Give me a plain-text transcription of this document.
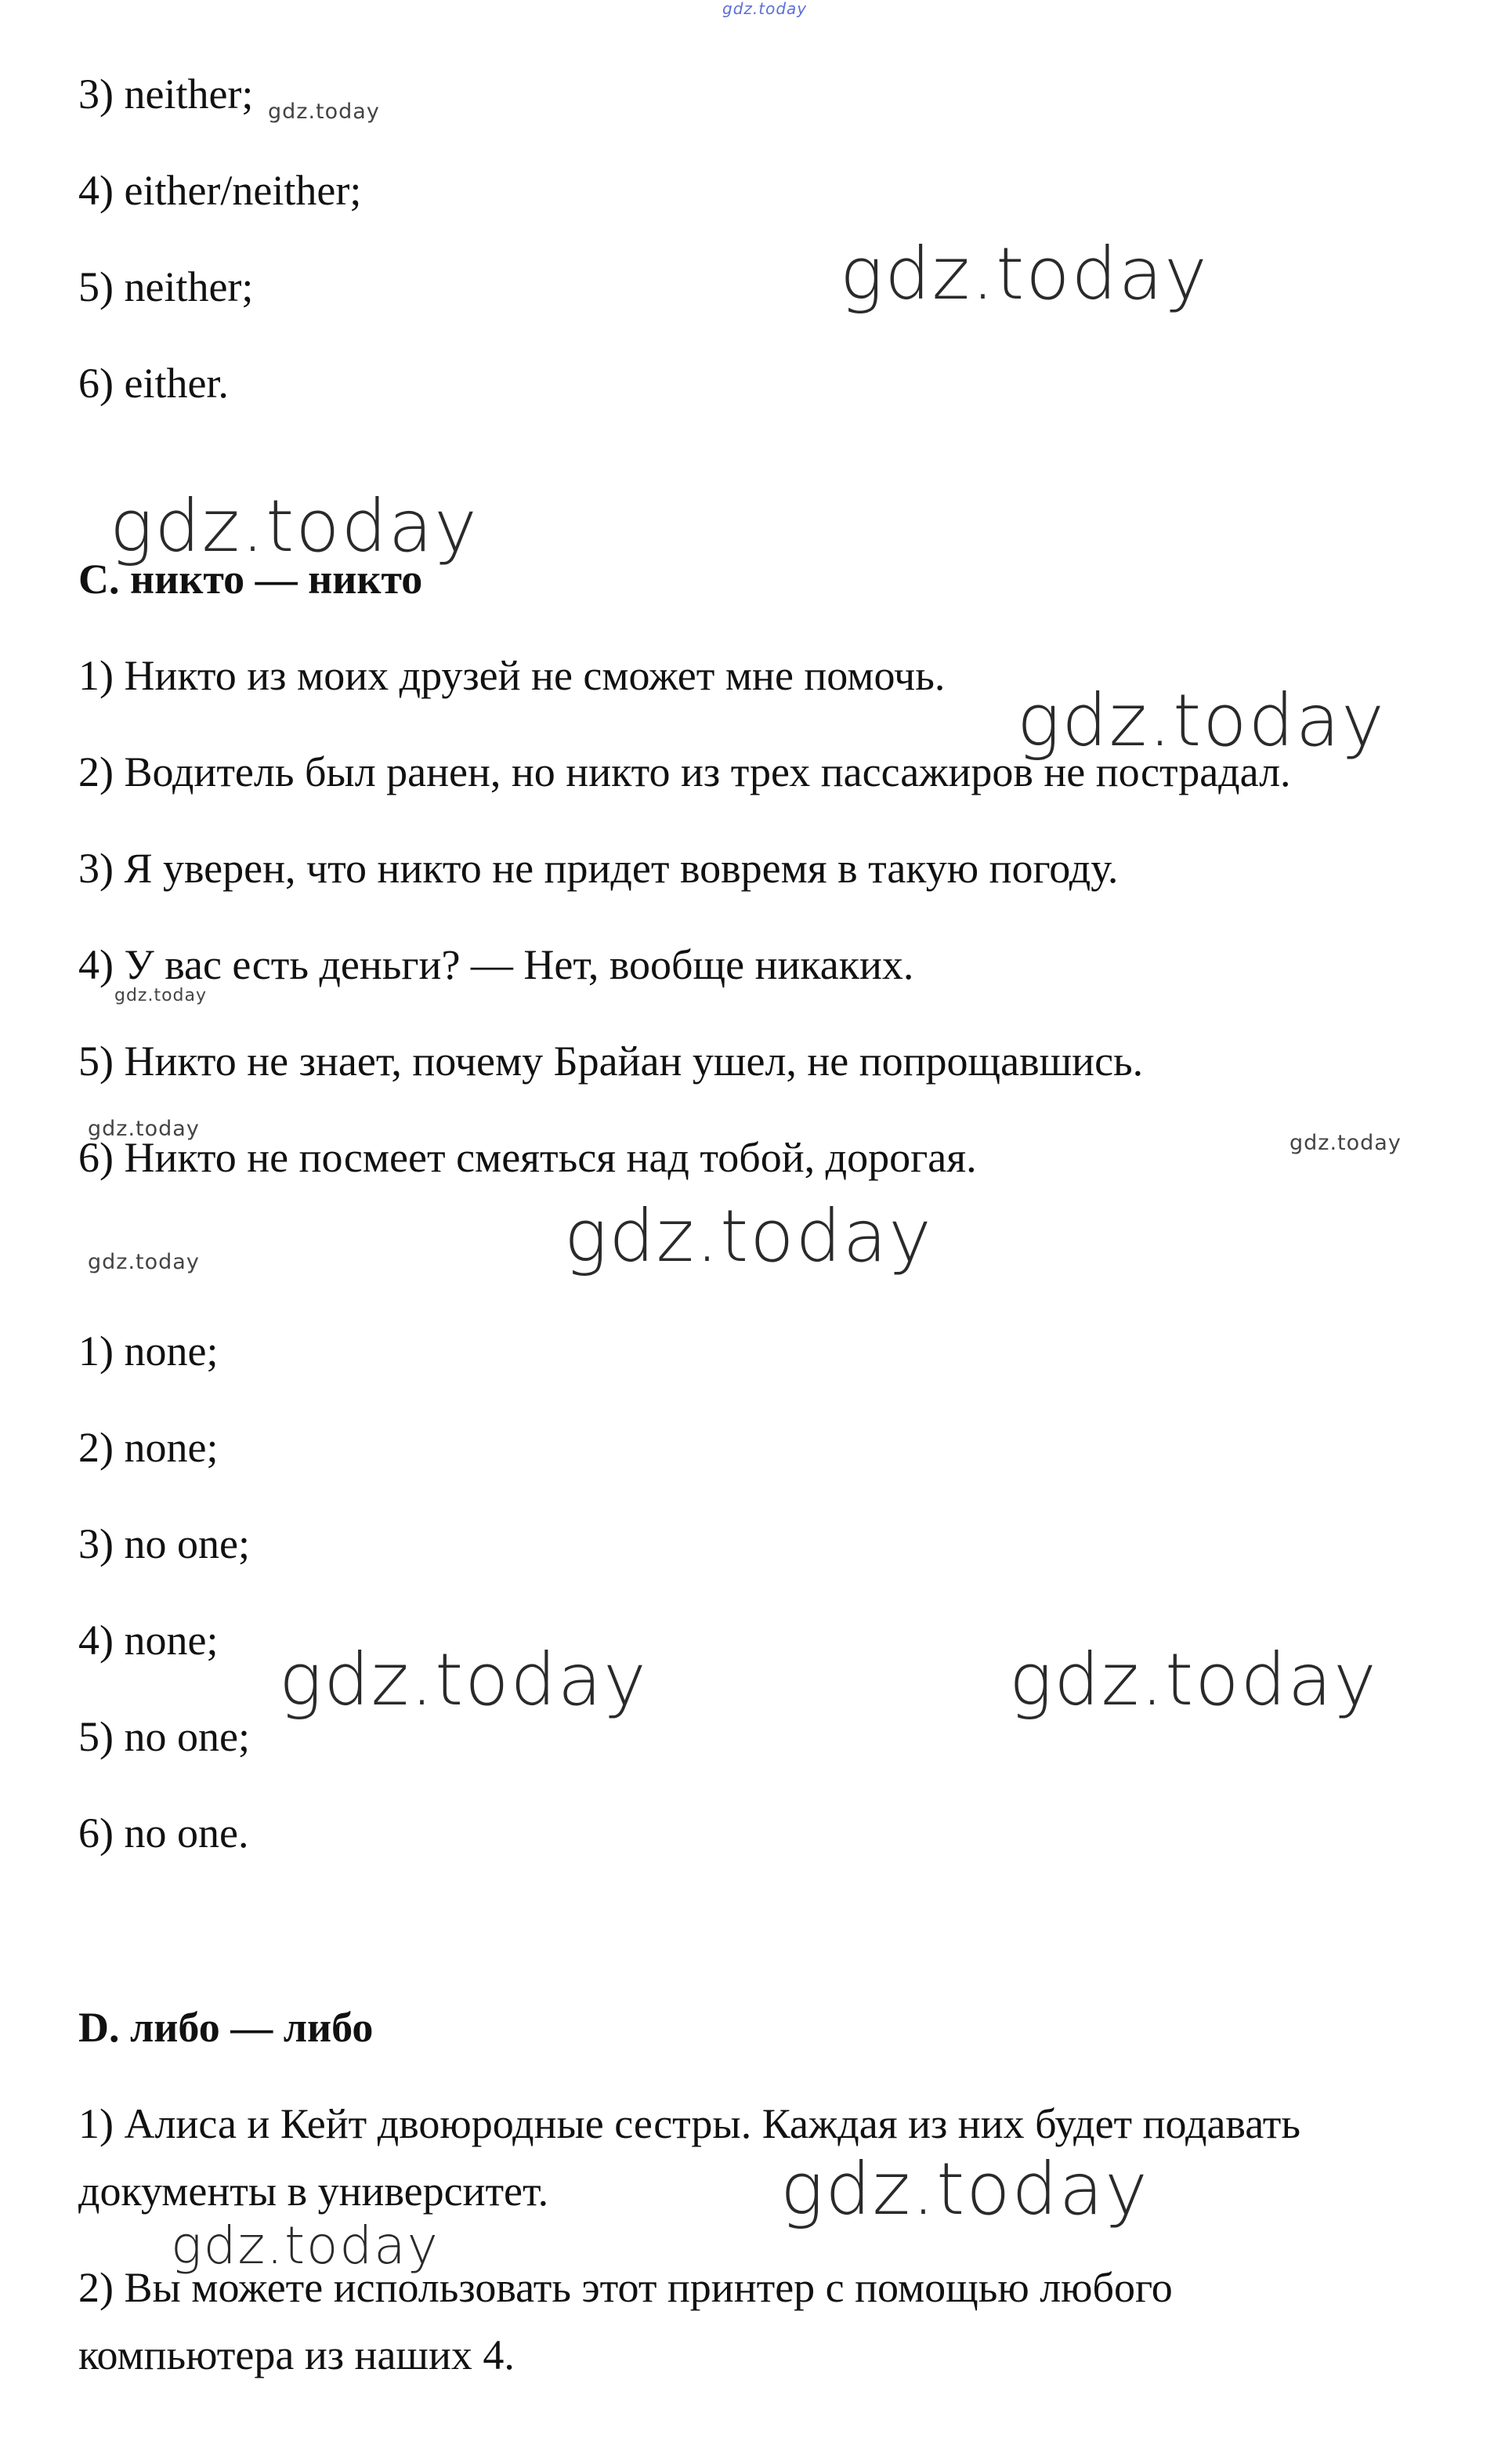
gdz.today

3) neither;

4) either/neither;

5) neither;

6) either.

C. никто — никто

1) Никто из моих друзей не сможет мне помочь.

2) Водитель был ранен, но никто из трех пассажиров не пострадал.

3) Я уверен, что никто не придет вовремя в такую погоду.

4) У вас есть деньги? — Нет, вообще никаких.

5) Никто не знает, почему Брайан ушел, не попрощавшись.

6) Никто не посмеет смеяться над тобой, дорогая.

1) none;

2) none;

3) no one;

4) none;

5) no one;

6) no one.

D. либо — либо

1) Алиса и Кейт двоюродные сестры. Каждая из них будет подавать

документы в университет.

2) Вы можете использовать этот принтер с помощью любого

компьютера из наших 4.

gdz.today
gdz.today
gdz.today
gdz.today
gdz.today	gdz.today
gdz.today
gdz.today
gdz.today
gdz.today
gdz.today
gdz.today
gdz.today
